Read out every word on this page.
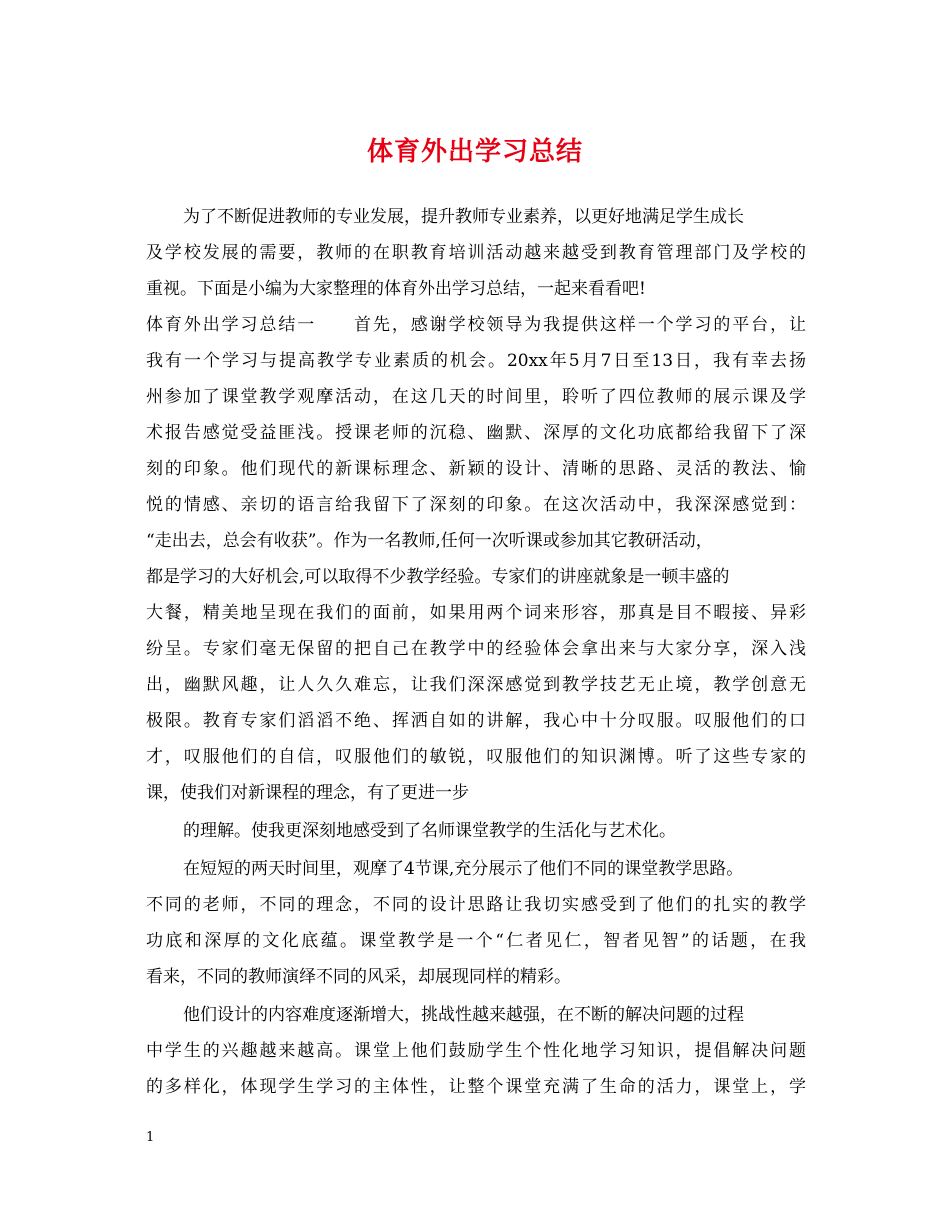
体育外出学习总结
为了不断促进教师的专业发展，提升教师专业素养，以更好地满足学生成长
及学校发展的需要，教师的在职教育培训活动越来越受到教育管理部门及学校的
重视。下面是小编为大家整理的体育外出学习总结，一起来看看吧!
体育外出学习总结一　　首先，感谢学校领导为我提供这样一个学习的平台，让
我有一个学习与提高教学专业素质的机会。20xx年5月7日至13日，我有幸去扬
州参加了课堂教学观摩活动，在这几天的时间里，聆听了四位教师的展示课及学
术报告感觉受益匪浅。授课老师的沉稳、幽默、深厚的文化功底都给我留下了深
刻的印象。他们现代的新课标理念、新颖的设计、清晰的思路、灵活的教法、愉
悦的情感、亲切的语言给我留下了深刻的印象。在这次活动中，我深深感觉到：
“走出去，总会有收获”。作为一名教师,任何一次听课或参加其它教研活动，
都是学习的大好机会,可以取得不少教学经验。专家们的讲座就象是一顿丰盛的
大餐，精美地呈现在我们的面前，如果用两个词来形容，那真是目不暇接、异彩
纷呈。专家们毫无保留的把自己在教学中的经验体会拿出来与大家分享，深入浅
出，幽默风趣，让人久久难忘，让我们深深感觉到教学技艺无止境，教学创意无
极限。教育专家们滔滔不绝、挥洒自如的讲解，我心中十分叹服。叹服他们的口
才，叹服他们的自信，叹服他们的敏锐，叹服他们的知识渊博。听了这些专家的
课，使我们对新课程的理念，有了更进一步
的理解。使我更深刻地感受到了名师课堂教学的生活化与艺术化。
在短短的两天时间里，观摩了4节课,充分展示了他们不同的课堂教学思路。
不同的老师，不同的理念，不同的设计思路让我切实感受到了他们的扎实的教学
功底和深厚的文化底蕴。课堂教学是一个“仁者见仁，智者见智”的话题，在我
看来，不同的教师演绎不同的风采，却展现同样的精彩。
他们设计的内容难度逐渐增大，挑战性越来越强，在不断的解决问题的过程
中学生的兴趣越来越高。课堂上他们鼓励学生个性化地学习知识，提倡解决问题
的多样化，体现学生学习的主体性，让整个课堂充满了生命的活力，课堂上，学
1
